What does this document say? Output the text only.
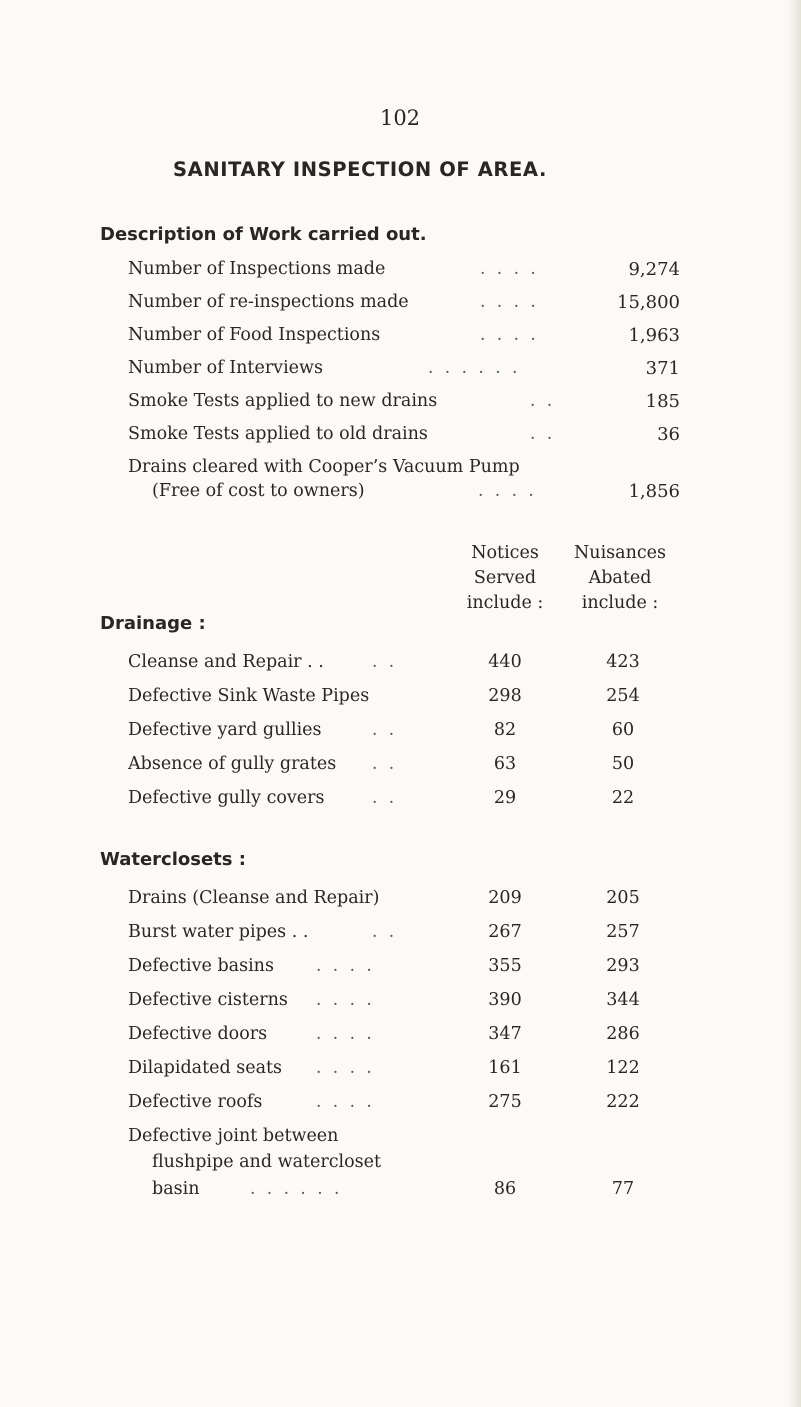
102
SANITARY INSPECTION OF AREA.
Description of Work carried out.
Number of Inspections made	. . . .	9,274
Number of re-inspections made	. . . .	15,800
Number of Food Inspections	. . . .	1,963
Number of Interviews	. . . . . .	371
Smoke Tests applied to new drains	. .	185
Smoke Tests applied to old drains	. .	36
Drains cleared with Cooper’s Vacuum Pump
(Free of cost to owners)	. . . .	1,856
Notices
Served
include :
Nuisances
Abated
include :
Drainage :
Cleanse and Repair . .	. .	440	423
Defective Sink Waste Pipes	298	254
Defective yard gullies	. .	82	60
Absence of gully grates . .	63	50
Defective gully covers	. .	29	22
Waterclosets :
Drains (Cleanse and Repair)	209	205
Burst water pipes . .	. .	267	257
Defective basins . . . .	355	293
Defective cisterns . . . .	390	344
Defective doors	. . . .	347	286
Dilapidated seats . . . .	161	122
Defective roofs	. . . .	275	222
Defective joint between
flushpipe and watercloset
basin	. . . . . .	86	77
